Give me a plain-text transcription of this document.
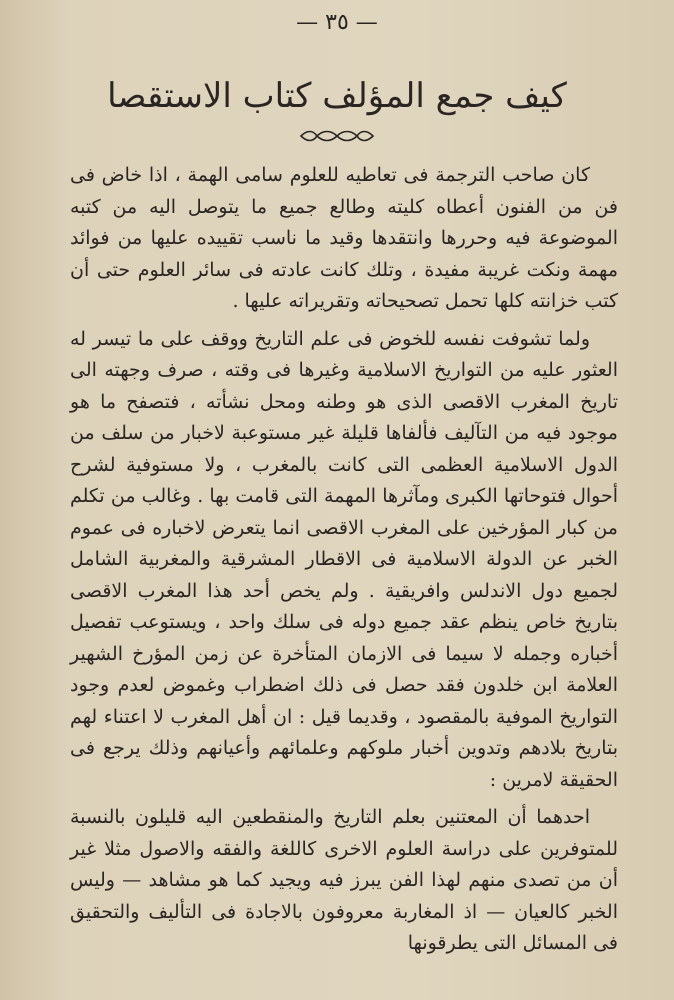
— ٣٥ —
كيف جمع المؤلف كتاب الاستقصا

كان صاحب الترجمة فى تعاطيه للعلوم سامى الهمة ، اذا خاض فى فن من الفنون أعطاه كليته وطالع جميع ما يتوصل اليه من كتبه الموضوعة فيه وحررها وانتقدها وقيد ما ناسب تقييده عليها من فوائد مهمة ونكت غريبة مفيدة ، وتلك كانت عادته فى سائر العلوم حتى أن كتب خزانته كلها تحمل تصحيحاته وتقريراته عليها .

ولما تشوفت نفسه للخوض فى علم التاريخ ووقف على ما تيسر له العثور عليه من التواريخ الاسلامية وغيرها فى وقته ، صرف وجهته الى تاريخ المغرب الاقصى الذى هو وطنه ومحل نشأته ، فتصفح ما هو موجود فيه من التآليف فألفاها قليلة غير مستوعبة لاخبار من سلف من الدول الاسلامية العظمى التى كانت بالمغرب ، ولا مستوفية لشرح أحوال فتوحاتها الكبرى ومآثرها المهمة التى قامت بها . وغالب من تكلم من كبار المؤرخين على المغرب الاقصى انما يتعرض لاخباره فى عموم الخبر عن الدولة الاسلامية فى الاقطار المشرقية والمغربية الشامل لجميع دول الاندلس وافريقية . ولم يخص أحد هذا المغرب الاقصى بتاريخ خاص ينظم عقد جميع دوله فى سلك واحد ، ويستوعب تفصيل أخباره وجمله لا سيما فى الازمان المتأخرة عن زمن المؤرخ الشهير العلامة ابن خلدون فقد حصل فى ذلك اضطراب وغموض لعدم وجود التواريخ الموفية بالمقصود ، وقديما قيل : ان أهل المغرب لا اعتناء لهم بتاريخ بلادهم وتدوين أخبار ملوكهم وعلمائهم وأعيانهم وذلك يرجع فى الحقيقة لامرين :

احدهما أن المعتنين بعلم التاريخ والمنقطعين اليه قليلون بالنسبة للمتوفرين على دراسة العلوم الاخرى كاللغة والفقه والاصول مثلا غير أن من تصدى منهم لهذا الفن يبرز فيه ويجيد كما هو مشاهد — وليس الخبر كالعيان — اذ المغاربة معروفون بالاجادة فى التأليف والتحقيق فى المسائل التى يطرقونها
